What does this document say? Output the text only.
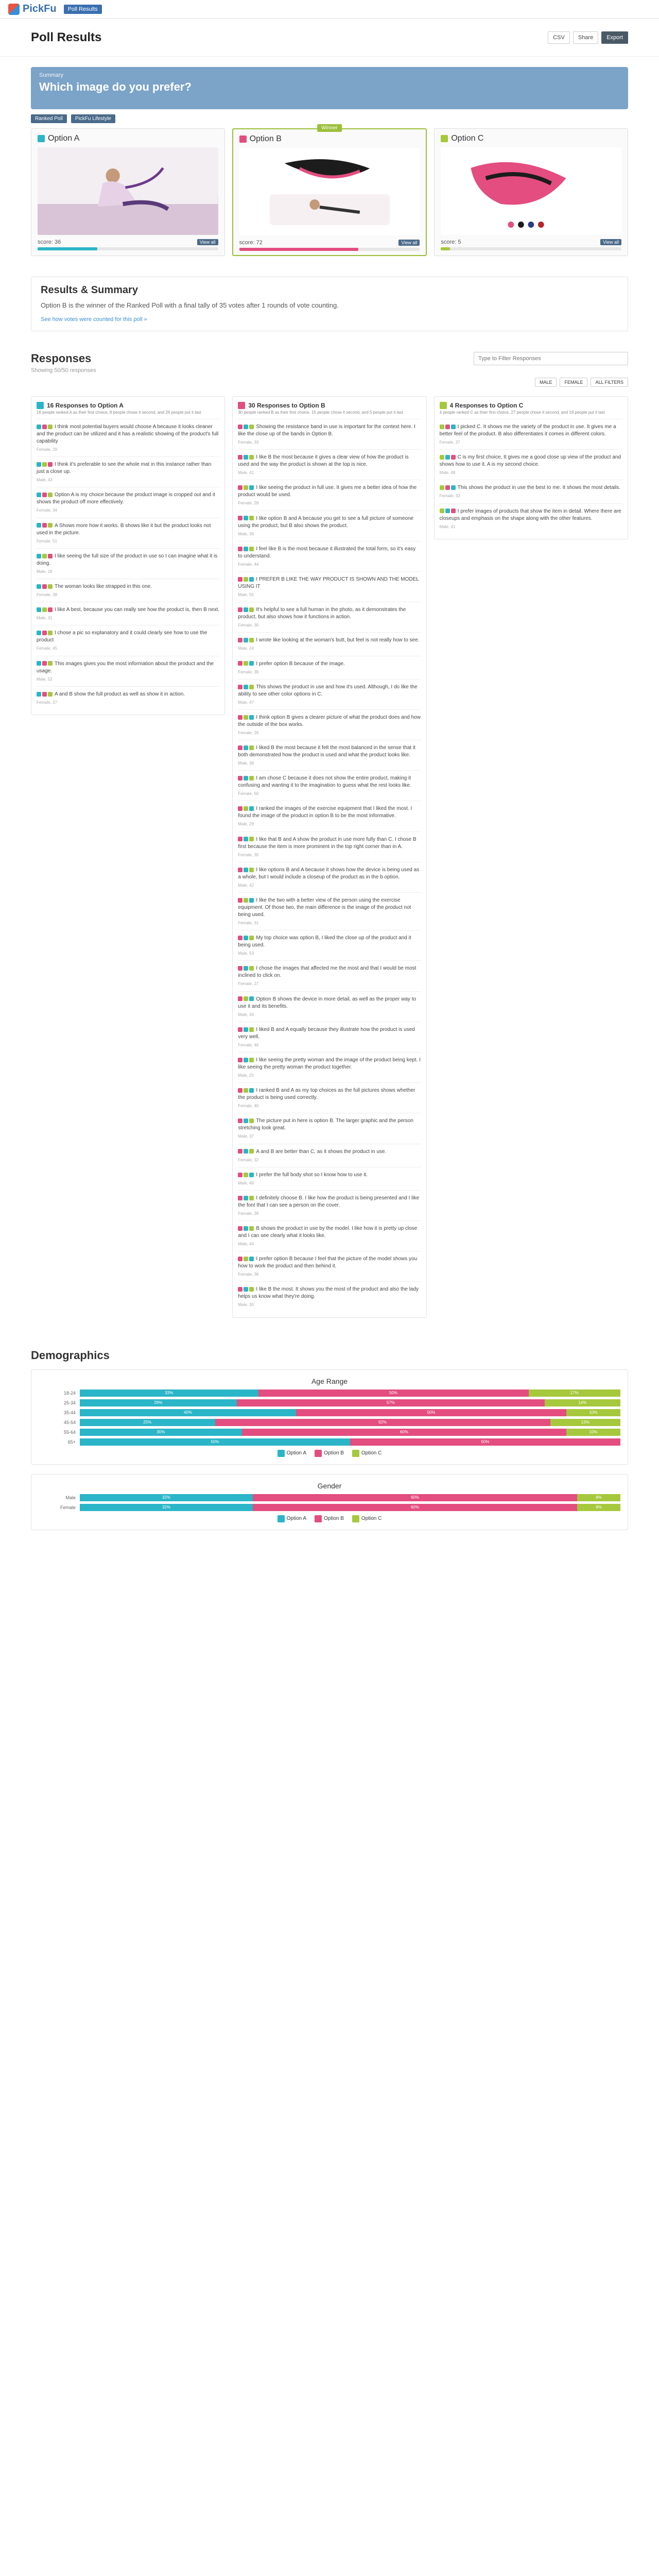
PickFu	Poll Results
Poll Results	CSV	Share	Export
Summary
Which image do you prefer?
Ranked Poll	PickFu Lifestyle
Option A
score: 36	View all
Winner
Option B
score: 72	View all
Option C
score: 5	View all
Results & Summary

Option B is the winner of the Ranked Poll with a final tally of 35 votes after 1 rounds of vote counting.

See how votes were counted for this poll »
Responses
Showing 50/50 responses
Type to Filter Responses
MALE	FEMALE	ALL FILTERS
16 Responses to Option A
16 people ranked A as their first choice, 8 people chose it second, and 26 people put it last
I think most potential buyers would choose A because it looks cleaner and the product can be utilized and it has a realistic showing of the product's full capability
Female, 29
I think it's preferable to see the whole mat in this instance rather than just a close up.
Male, 43
Option A is my choice because the product image is cropped out and it shows the product off more effectively.
Female, 34
A Shows more how it works. B shows like it but the product looks not used in the picture.
Female, 51
I like seeing the full size of the product in use so I can imagine what it is doing.
Male, 26
The woman looks like strapped in this one.
Female, 38
I like A best, because you can really see how the product is, then B next.
Male, 31
I chose a pic so explanatory and it could clearly see how to use the product
Female, 45
This images gives you the most information about the product and the usage.
Male, 52
A and B show the full product as well as show it in action.
Female, 27
30 Responses to Option B
30 people ranked B as their first choice, 15 people chose it second, and 5 people put it last
Showing the resistance band in use is important for the context here. I like the close up of the bands in Option B.
Female, 33
I like B the most because it gives a clear view of how the product is used and the way the product is shown at the top is nice.
Male, 41
I like seeing the product in full use. It gives me a better idea of how the product would be used.
Female, 28
I like option B and A because you get to see a full picture of someone using the product, but B also shows the product.
Male, 36
I feel like B is the most because it illustrated the total form, so it's easy to understand.
Female, 44
I PREFER B LIKE THE WAY PRODUCT IS SHOWN AND THE MODEL USING IT
Male, 55
It's helpful to see a full human in the photo, as it demonstrates the product, but also shows how it functions in action.
Female, 30
I wrote like looking at the woman's butt, but feel is not really how to see.
Male, 24
I prefer option B because of the image.
Female, 39
This shows the product in use and how it's used. Although, I do like the ability to see other color options in C.
Male, 47
I think option B gives a clearer picture of what the product does and how the outside of the box works.
Female, 26
I liked B the most because it felt the most balanced in the sense that it both demonstrated how the product is used and what the product looks like.
Male, 38
I am chose C because it does not show the entire product, making it confusing and wanting it to the imagination to guess what the rest looks like.
Female, 50
I ranked the images of the exercise equipment that I liked the most. I found the image of the product in option B to be the most informative.
Male, 29
I like that B and A show the product in use more fully than C. I chose B first because the item is more prominent in the top right corner than in A.
Female, 35
I like options B and A because it shows how the device is being used as a whole, but I would include a closeup of the product as in the b option.
Male, 42
I like the two with a better view of the person using the exercise equipment. Of those two, the main difference is the image of the product not being used.
Female, 31
My top choice was option B, I liked the close up of the product and it being used.
Male, 53
I chose the images that affected me the most and that I would be most inclined to click on.
Female, 27
Option B shows the device in more detail, as well as the proper way to use it and its benefits.
Male, 34
I liked B and A equally because they illustrate how the product is used very well.
Female, 46
I like seeing the pretty woman and the image of the product being kept. I like seeing the pretty woman the product together.
Male, 25
I ranked B and A as my top choices as the full pictures shows whether the product is being used correctly.
Female, 40
The picture put in here is option B. The larger graphic and the person stretching look great.
Male, 37
A and B are better than C, as it shows the product in use.
Female, 32
I prefer the full body shot so I know how to use it.
Male, 49
I definitely choose B. I like how the product is being presented and I like the font that I can see a person on the cover.
Female, 28
B shows the product in use by the model. I like how it is pretty up close and I can see clearly what it looks like.
Male, 44
I prefer option B because I feel that the picture of the model shows you how to work the product and then behind it.
Female, 36
I like B the most. It shows you the most of the product and also the lady helps us know what they're doing.
Male, 30
4 Responses to Option C
4 people ranked C as their first choice, 27 people chose it second, and 19 people put it last
I picked C. It shows me the variety of the product in use. It gives me a better feel of the product. B also differentiates it comes in different colors.
Female, 37
C is my first choice, It gives me a good close up view of the product and shows how to use it. A is my second choice.
Male, 48
This shows the product in use the best to me. It shows the most details.
Female, 33
I prefer images of products that show the item in detail. Where there are closeups and emphasis on the shape along with the other features.
Male, 41
Demographics
Age Range
18-24	33%	50%	17%
25-34	29%	57%	14%
35-44	40%	50%	10%
45-54	25%	62%	13%
55-64	30%	60%	10%
65+	50%	50%
Option A	Option B	Option C
Gender
Male	32%	60%	8%
Female	32%	60%	8%
Option A	Option B	Option C
